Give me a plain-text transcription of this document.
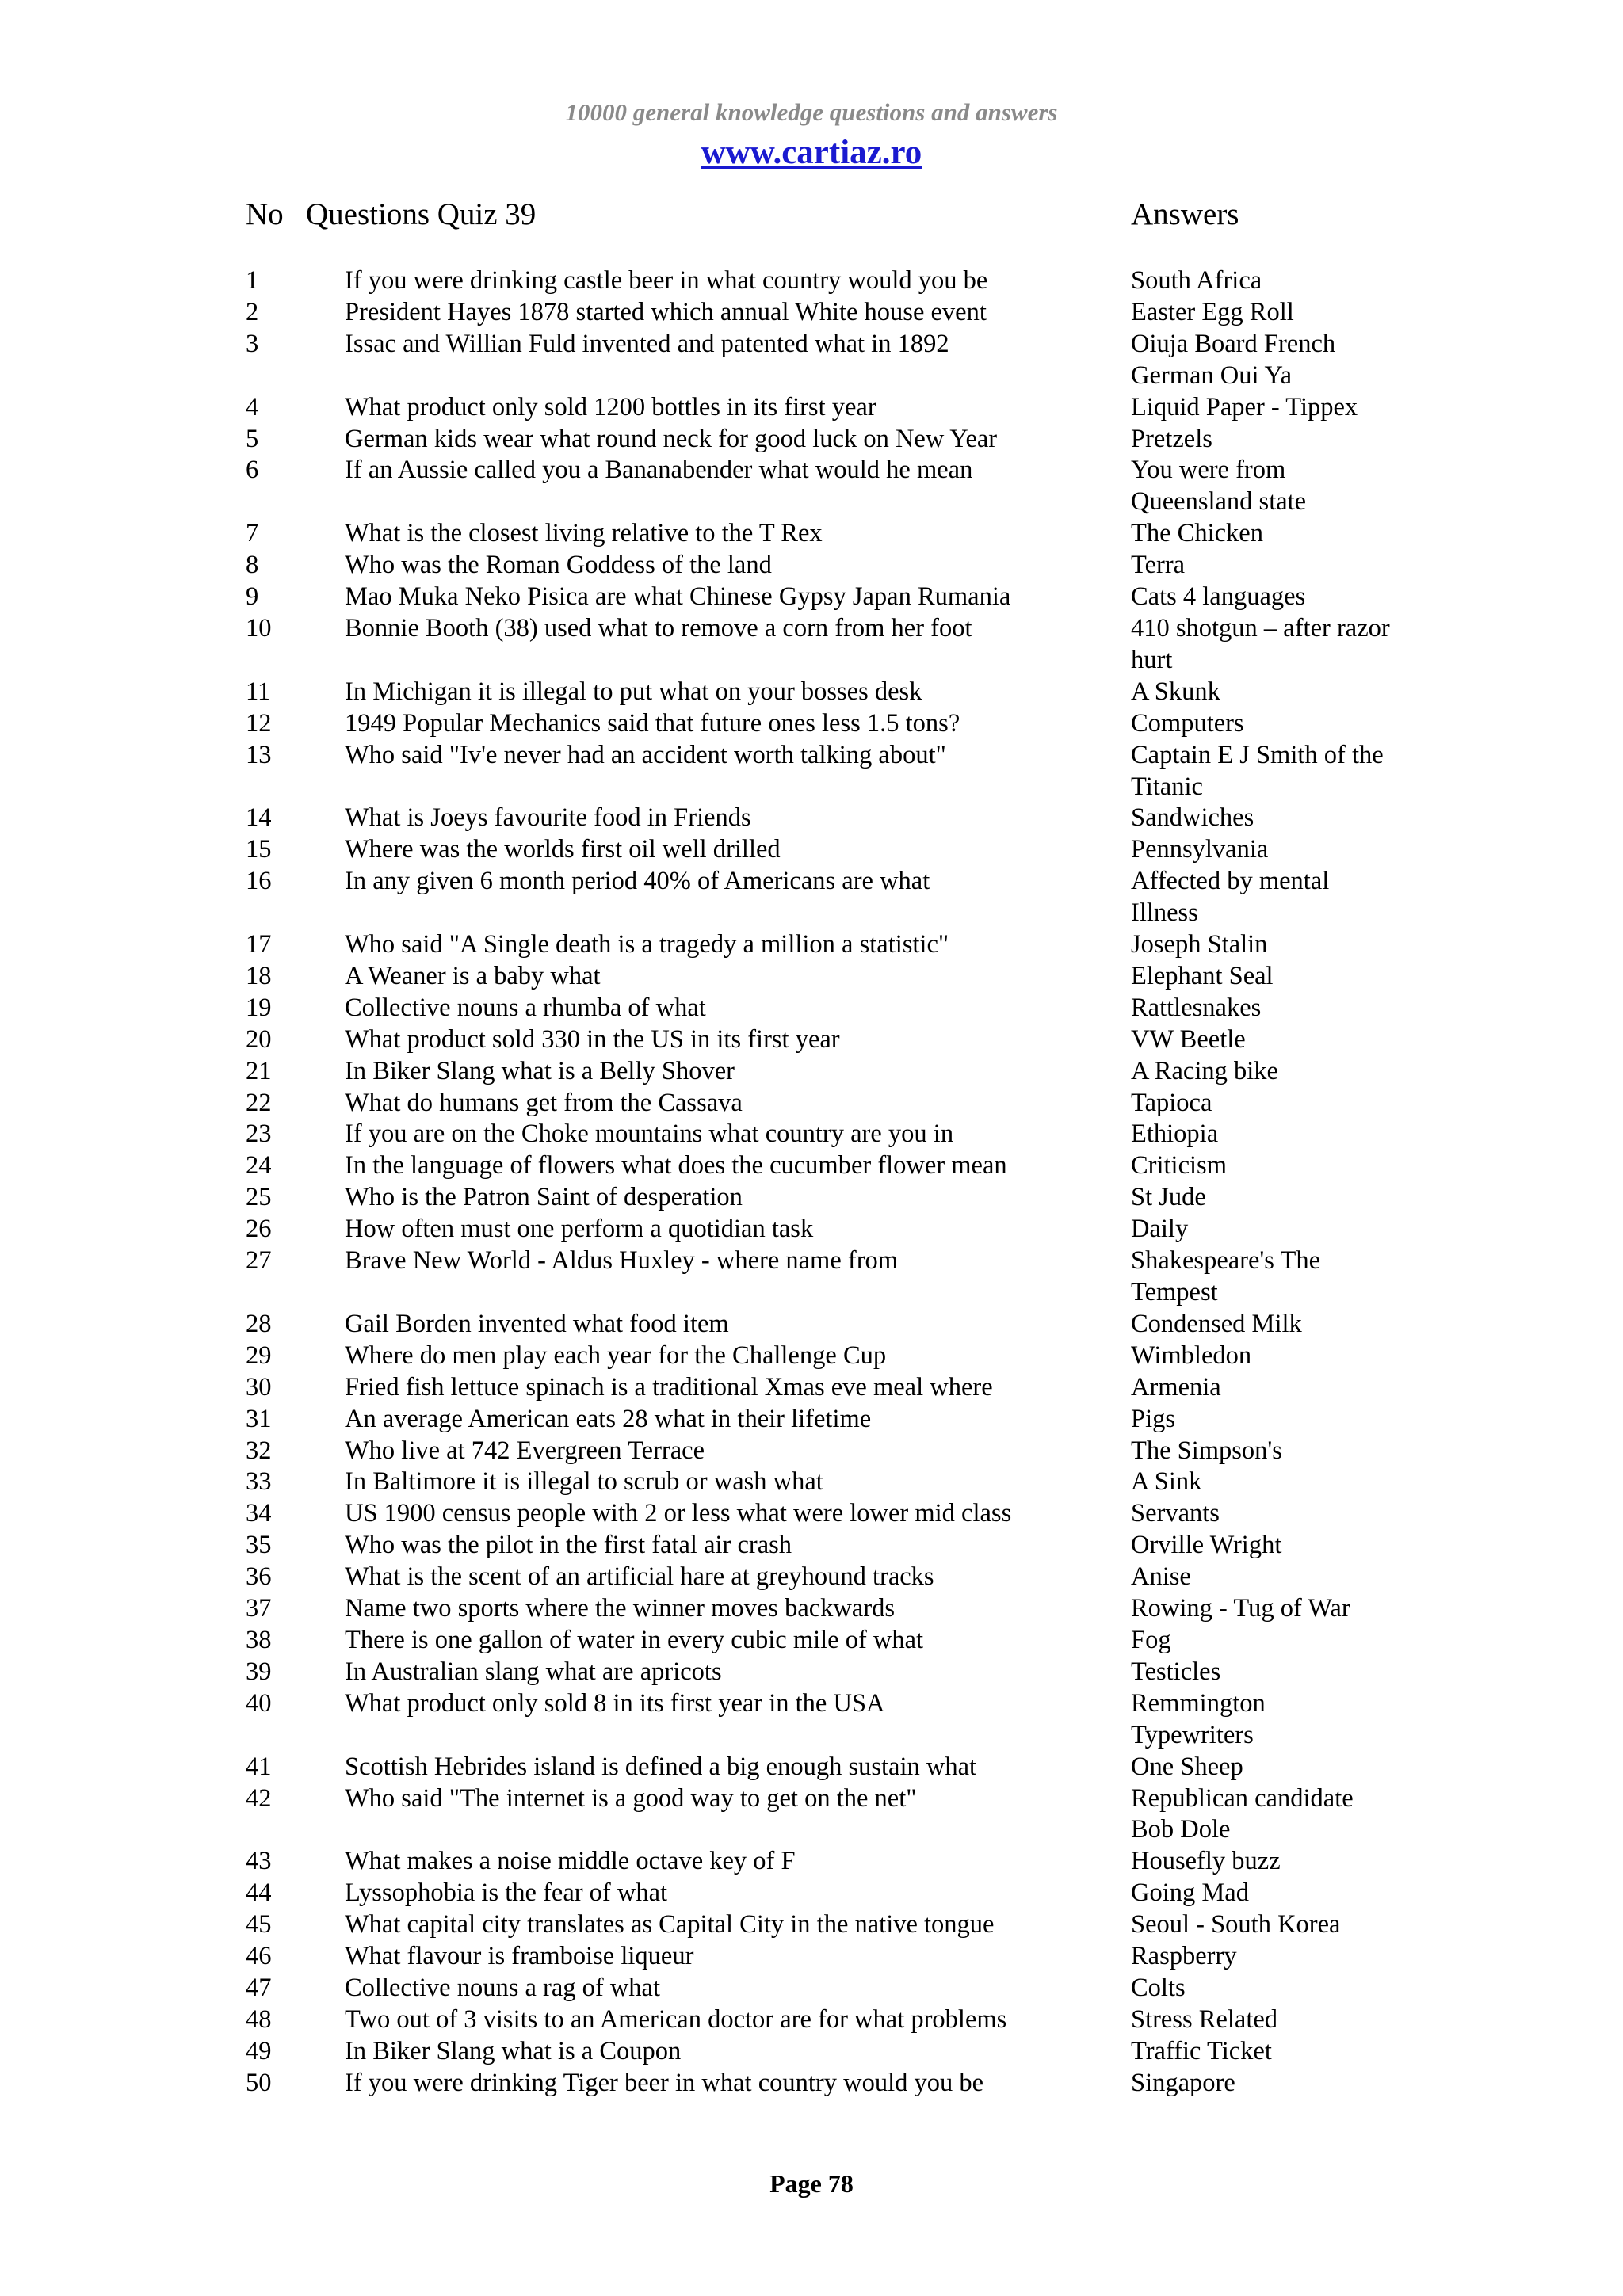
10000 general knowledge questions and answers
www.cartiaz.ro
No Questions Quiz 39	Answers
1	If you were drinking castle beer in what country would you be	South Africa
2	President Hayes 1878 started which annual White house event	Easter Egg Roll
3	Issac and Willian Fuld invented and patented what in 1892	Oiuja Board French German Oui Ya
4	What product only sold 1200 bottles in its first year	Liquid Paper - Tippex
5	German kids wear what round neck for good luck on New Year	Pretzels
6	If an Aussie called you a Bananabender what would he mean	You were from Queensland state
7	What is the closest living relative to the T Rex	The Chicken
8	Who was the Roman Goddess of the land	Terra
9	Mao Muka Neko Pisica are what Chinese Gypsy Japan Rumania	Cats 4 languages
10	Bonnie Booth (38) used what to remove a corn from her foot	410 shotgun – after razor hurt
11	In Michigan it is illegal to put what on your bosses desk	A Skunk
12	1949 Popular Mechanics said that future ones less 1.5 tons?	Computers
13	Who said "Iv'e never had an accident worth talking about"	Captain E J Smith of the Titanic
14	What is Joeys favourite food in Friends	Sandwiches
15	Where was the worlds first oil well drilled	Pennsylvania
16	In any given 6 month period 40% of Americans are what	Affected by mental Illness
17	Who said "A Single death is a tragedy a million a statistic"	Joseph Stalin
18	A Weaner is a baby what	Elephant Seal
19	Collective nouns a rhumba of what	Rattlesnakes
20	What product sold 330 in the US in its first year	VW Beetle
21	In Biker Slang what is a Belly Shover	A Racing bike
22	What do humans get from the Cassava	Tapioca
23	If you are on the Choke mountains what country are you in	Ethiopia
24	In the language of flowers what does the cucumber flower mean	Criticism
25	Who is the Patron Saint of desperation	St Jude
26	How often must one perform a quotidian task	Daily
27	Brave New World - Aldus Huxley - where name from	Shakespeare's The Tempest
28	Gail Borden invented what food item	Condensed Milk
29	Where do men play each year for the Challenge Cup	Wimbledon
30	Fried fish lettuce spinach is a traditional Xmas eve meal where	Armenia
31	An average American eats 28 what in their lifetime	Pigs
32	Who live at 742 Evergreen Terrace	The Simpson's
33	In Baltimore it is illegal to scrub or wash what	A Sink
34	US 1900 census people with 2 or less what were lower mid class	Servants
35	Who was the pilot in the first fatal air crash	Orville Wright
36	What is the scent of an artificial hare at greyhound tracks	Anise
37	Name two sports where the winner moves backwards	Rowing - Tug of War
38	There is one gallon of water in every cubic mile of what	Fog
39	In Australian slang what are apricots	Testicles
40	What product only sold 8 in its first year in the USA	Remmington Typewriters
41	Scottish Hebrides island is defined a big enough sustain what	One Sheep
42	Who said "The internet is a good way to get on the net"	Republican candidate Bob Dole
43	What makes a noise middle octave key of F	Housefly buzz
44	Lyssophobia is the fear of what	Going Mad
45	What capital city translates as Capital City in the native tongue	Seoul - South Korea
46	What flavour is framboise liqueur	Raspberry
47	Collective nouns a rag of what	Colts
48	Two out of 3 visits to an American doctor are for what problems	Stress Related
49	In Biker Slang what is a Coupon	Traffic Ticket
50	If you were drinking Tiger beer in what country would you be	Singapore
Page 78
